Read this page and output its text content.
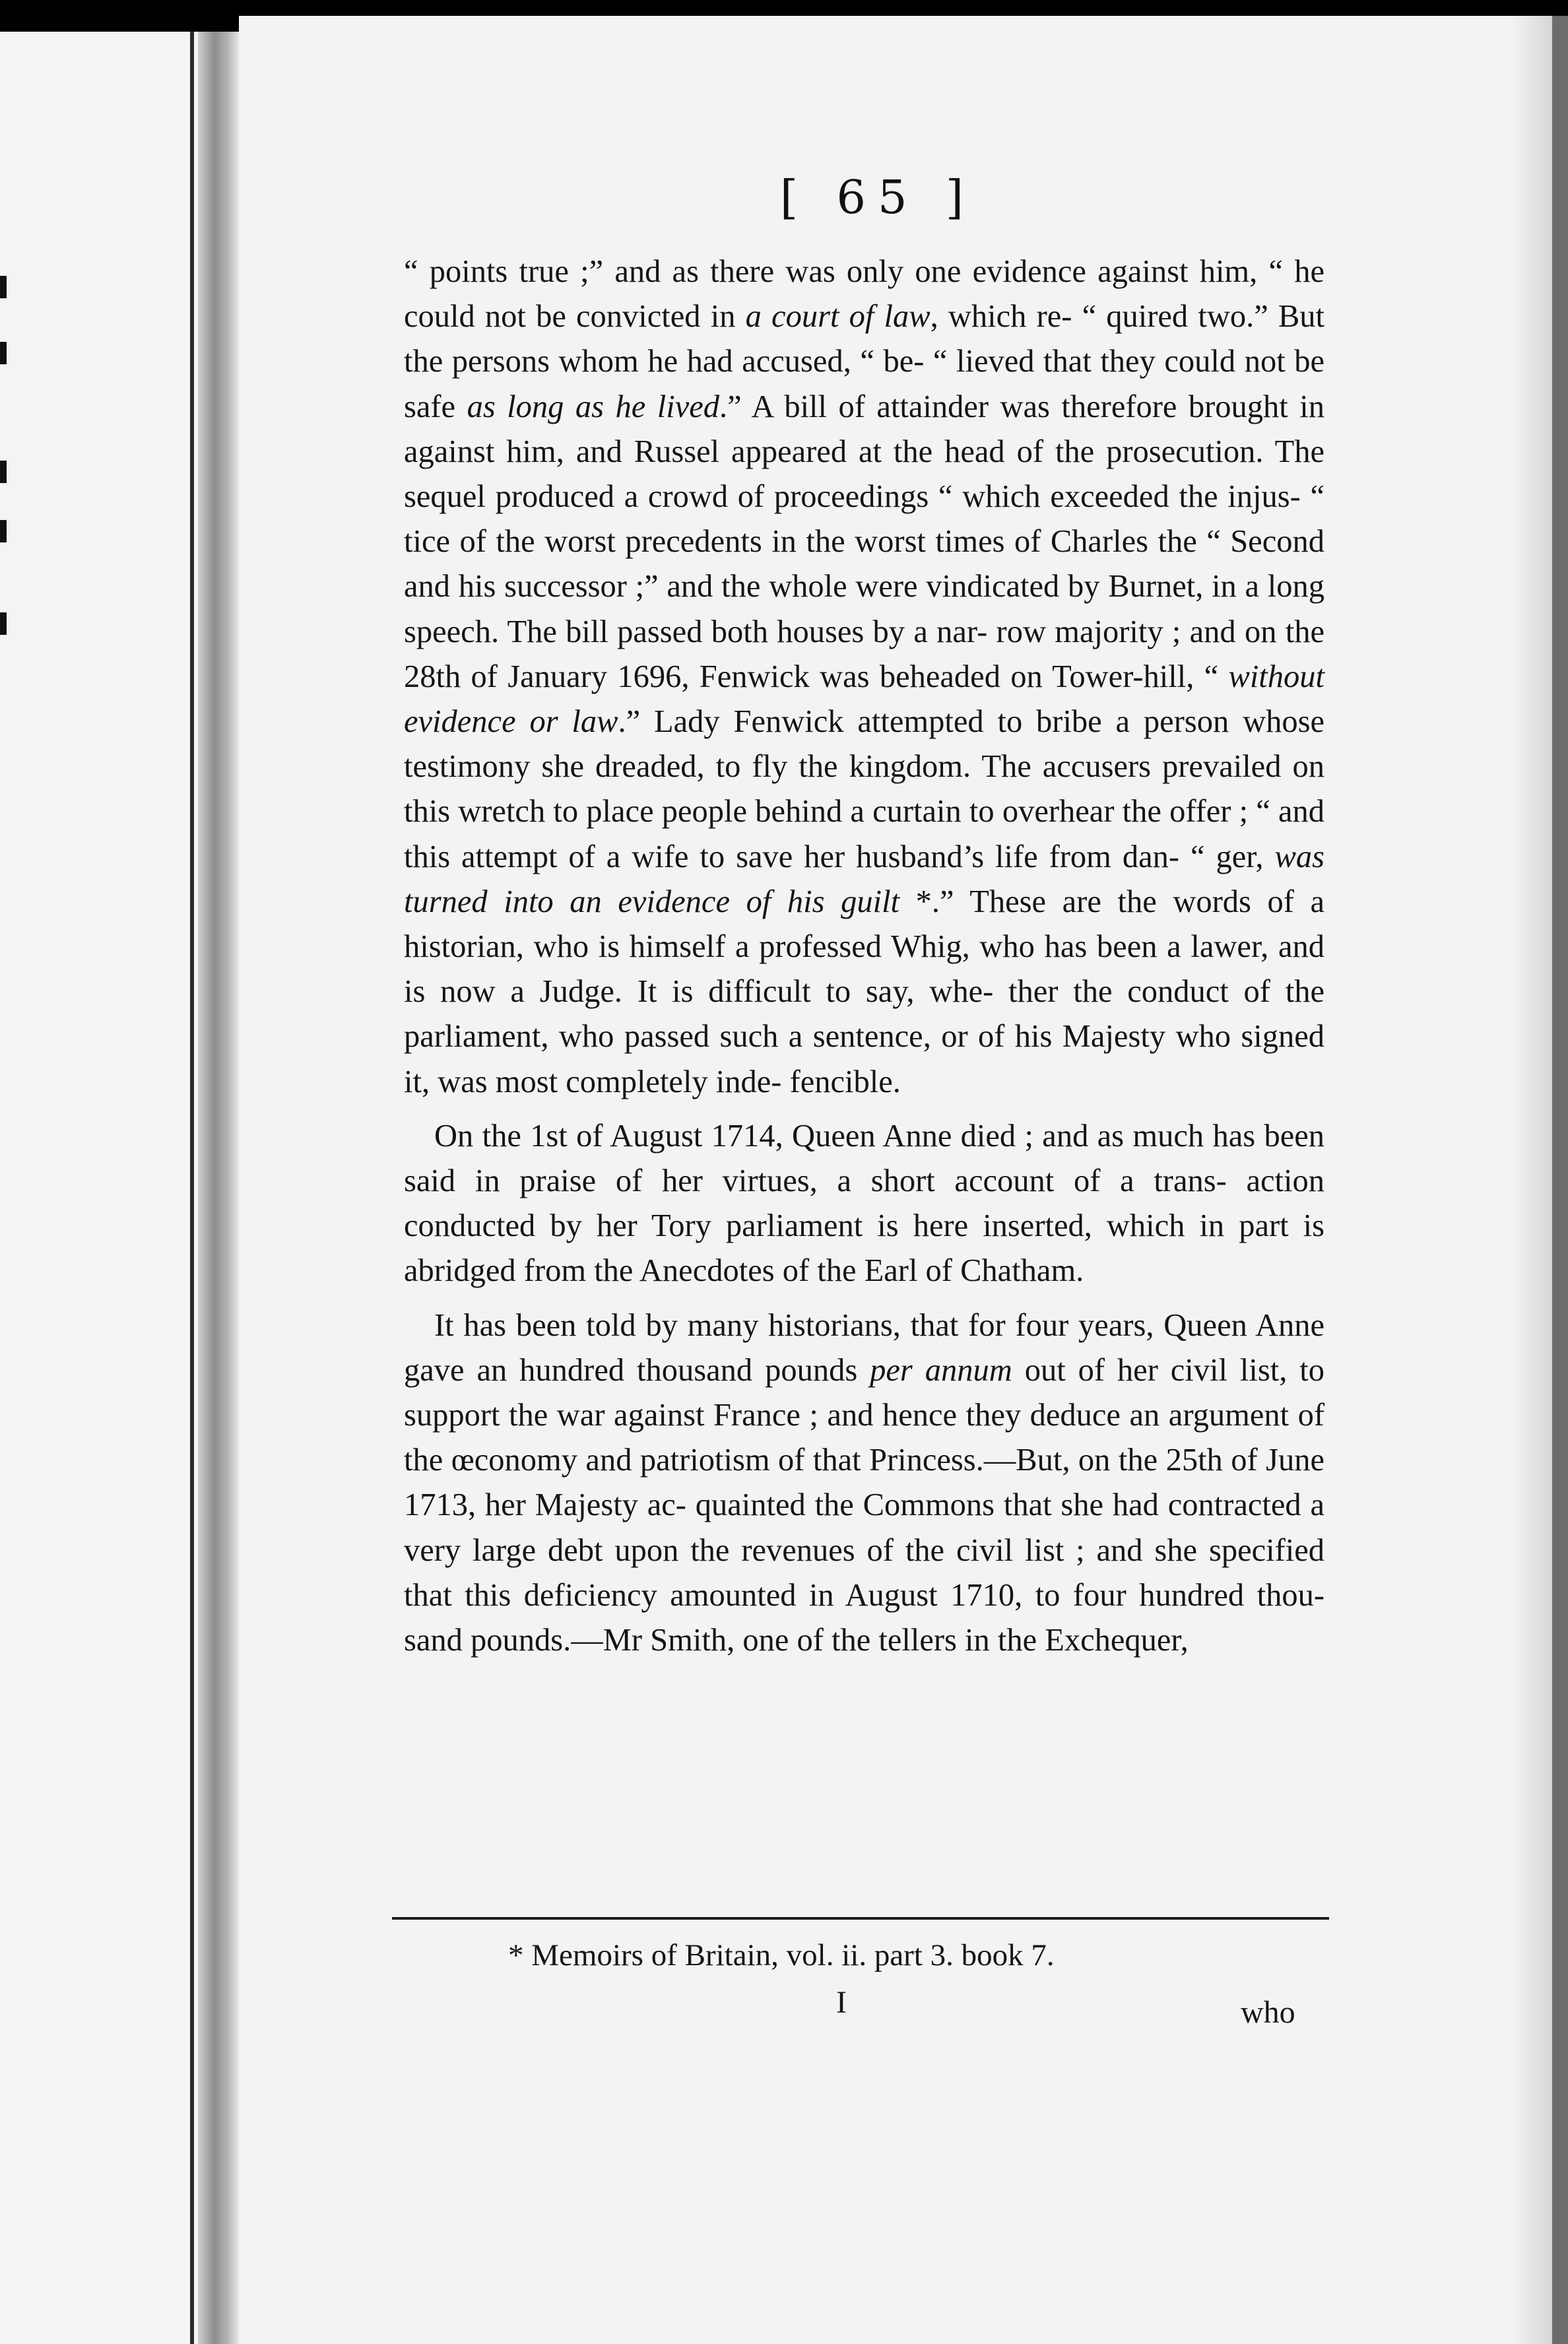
[ 65 ]

“ points true ;” and as there was only one evidence against him, “ he could not be convicted in a court of law, which re- “ quired two.” But the persons whom he had accused, “ be- “ lieved that they could not be safe as long as he lived.” A bill of attainder was therefore brought in against him, and Russel appeared at the head of the prosecution. The sequel produced a crowd of proceedings “ which exceeded the injus- “ tice of the worst precedents in the worst times of Charles the “ Second and his successor ;” and the whole were vindicated by Burnet, in a long speech. The bill passed both houses by a nar- row majority ; and on the 28th of January 1696, Fenwick was beheaded on Tower-hill, “ without evidence or law.” Lady Fenwick attempted to bribe a person whose testimony she dreaded, to fly the kingdom. The accusers prevailed on this wretch to place people behind a curtain to overhear the offer ; “ and this attempt of a wife to save her husband’s life from dan- “ ger, was turned into an evidence of his guilt *.” These are the words of a historian, who is himself a professed Whig, who has been a lawer, and is now a Judge. It is difficult to say, whe- ther the conduct of the parliament, who passed such a sentence, or of his Majesty who signed it, was most completely inde- fencible.

On the 1st of August 1714, Queen Anne died ; and as much has been said in praise of her virtues, a short account of a trans- action conducted by her Tory parliament is here inserted, which in part is abridged from the Anecdotes of the Earl of Chatham.

It has been told by many historians, that for four years, Queen Anne gave an hundred thousand pounds per annum out of her civil list, to support the war against France ; and hence they deduce an argument of the œconomy and patriotism of that Princess.—But, on the 25th of June 1713, her Majesty ac- quainted the Commons that she had contracted a very large debt upon the revenues of the civil list ; and she specified that this deficiency amounted in August 1710, to four hundred thou- sand pounds.—Mr Smith, one of the tellers in the Exchequer,

* Memoirs of Britain, vol. ii. part 3. book 7.
I	who
